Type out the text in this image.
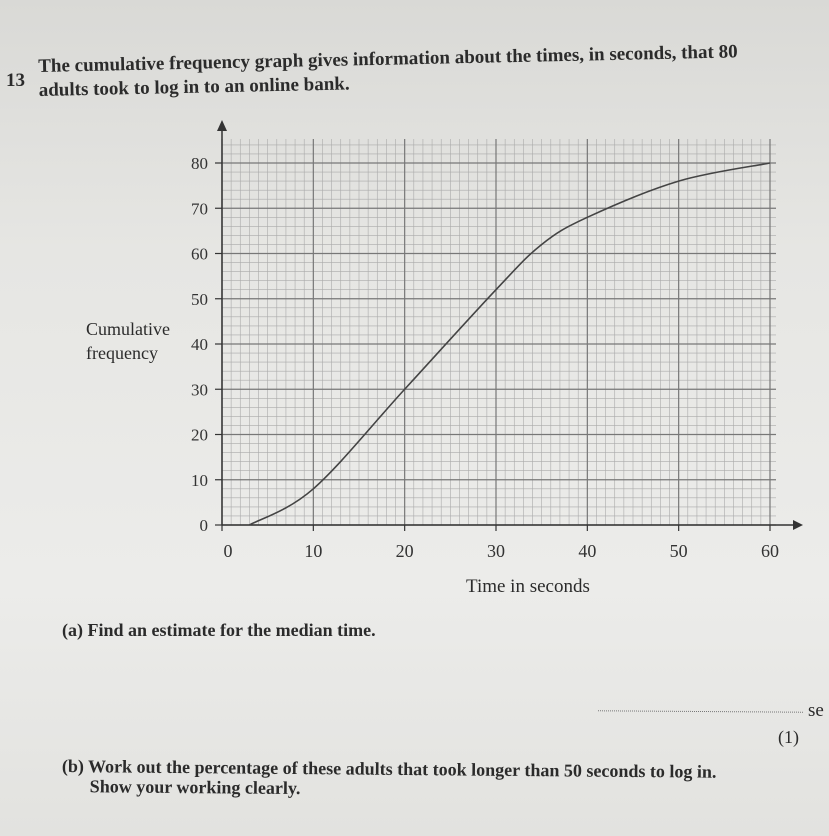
13
The cumulative frequency graph gives information about the times, in seconds, that 80 adults took to log in to an online bank.
Cumulative frequency
0	10	20	30	40	50	60
0
10
20
30
40
50
60
70
80
Time in seconds
(a) Find an estimate for the median time.
se
(1)
(b) Work out the percentage of these adults that took longer than 50 seconds to log in.
Show your working clearly.
